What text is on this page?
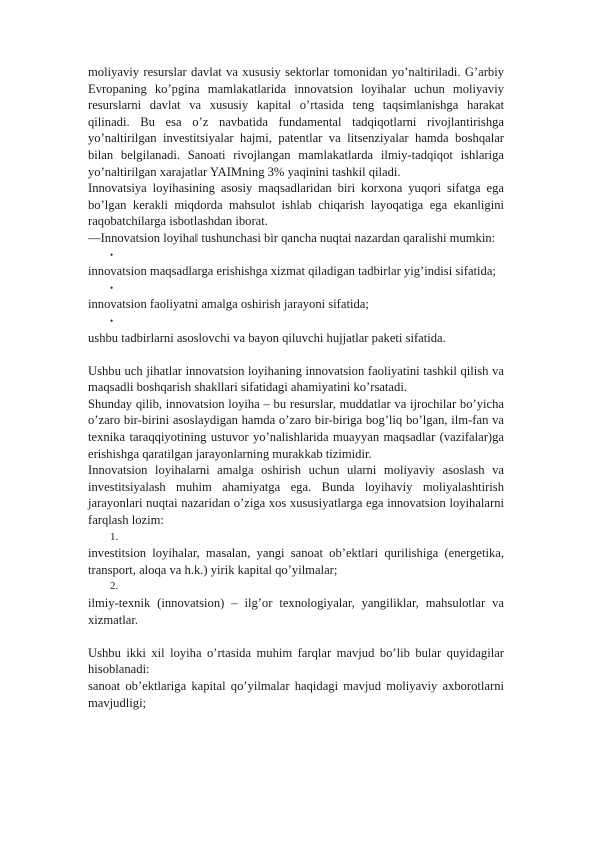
moliyaviy resurslar davlat va xususiy sektorlar tomonidan yo’naltiriladi. G’arbiy Evropaning ko’pgina mamlakatlarida innovatsion loyihalar uchun moliyaviy resurslarni davlat va xususiy kapital o’rtasida teng taqsimlanishga harakat qilinadi. Bu esa o’z navbatida fundamental tadqiqotlarni rivojlantirishga yo’naltirilgan investitsiyalar hajmi, patentlar va litsenziyalar hamda boshqalar bilan belgilanadi. Sanoati rivojlangan mamlakatlarda ilmiy-tadqiqot ishlariga yo’naltirilgan xarajatlar YAIMning 3% yaqinini tashkil qiladi.

Innovatsiya loyihasining asosiy maqsadlaridan biri korxona yuqori sifatga ega bo’lgan kerakli miqdorda mahsulot ishlab chiqarish layoqatiga ega ekanligini raqobatchilarga isbotlashdan iborat.

―Innovatsion loyiha‖ tushunchasi bir qancha nuqtai nazardan qaralishi mumkin:

•

innovatsion maqsadlarga erishishga xizmat qiladigan tadbirlar yig’indisi sifatida;

•

innovatsion faoliyatni amalga oshirish jarayoni sifatida;

•

ushbu tadbirlarni asoslovchi va bayon qiluvchi hujjatlar paketi sifatida.

Ushbu uch jihatlar innovatsion loyihaning innovatsion faoliyatini tashkil qilish va maqsadli boshqarish shakllari sifatidagi ahamiyatini ko’rsatadi.

Shunday qilib, innovatsion loyiha – bu resurslar, muddatlar va ijrochilar bo’yicha o’zaro bir-birini asoslaydigan hamda o’zaro bir-biriga bog’liq bo’lgan, ilm-fan va texnika taraqqiyotining ustuvor yo’nalishlarida muayyan maqsadlar (vazifalar)ga erishishga qaratilgan jarayonlarning murakkab tizimidir.

Innovatsion loyihalarni amalga oshirish uchun ularni moliyaviy asoslash va investitsiyalash muhim ahamiyatga ega. Bunda loyihaviy moliyalashtirish jarayonlari nuqtai nazaridan o’ziga xos xususiyatlarga ega innovatsion loyihalarni farqlash lozim:

1.

investitsion loyihalar, masalan, yangi sanoat ob’ektlari qurilishiga (energetika, transport, aloqa va h.k.) yirik kapital qo’yilmalar;

2.

ilmiy-texnik (innovatsion) – ilg’or texnologiyalar, yangiliklar, mahsulotlar va xizmatlar.

Ushbu ikki xil loyiha o’rtasida muhim farqlar mavjud bo’lib bular quyidagilar hisoblanadi:

sanoat ob’ektlariga kapital qo’yilmalar haqidagi mavjud moliyaviy axborotlarni mavjudligi;
